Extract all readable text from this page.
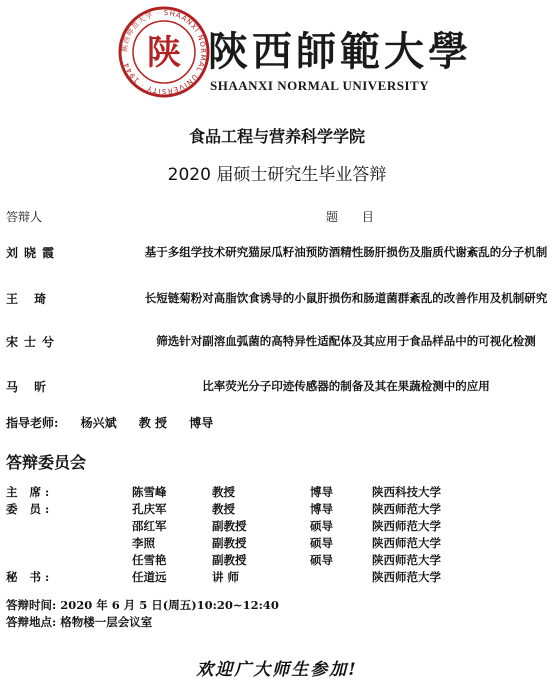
陕西师范大学 · SHAANXI NORMAL UNIVERSITY · 1944 陕 陝西師範大學
SHAANXI NORMAL UNIVERSITY
食品工程与营养科学学院
2020 届硕士研究生毕业答辩
答辩人	题 目
刘晓霞	基于多组学技术研究猫尿瓜籽油预防酒精性肠肝损伤及脂质代谢紊乱的分子机制
王 琦	长短链菊粉对高脂饮食诱导的小鼠肝损伤和肠道菌群紊乱的改善作用及机制研究
宋士兮	筛选针对副溶血弧菌的高特异性适配体及其应用于食品样品中的可视化检测
马 昕	比率荧光分子印迹传感器的制备及其在果蔬检测中的应用
指导老师: 杨兴斌 教 授 博导
答辩委员会
主 席:	陈雪峰	教授	博导	陕西科技大学
委 员:	孔庆军	教授	博导	陕西师范大学
邵红军	副教授	硕导	陕西师范大学
李照	副教授	硕导	陕西师范大学
任雪艳	副教授	硕导	陕西师范大学
秘 书:	任道远	讲 师	陕西师范大学
答辩时间: 2020 年 6 月 5 日(周五)10:20~12:40
答辩地点: 格物楼一层会议室
欢迎广大师生参加!
